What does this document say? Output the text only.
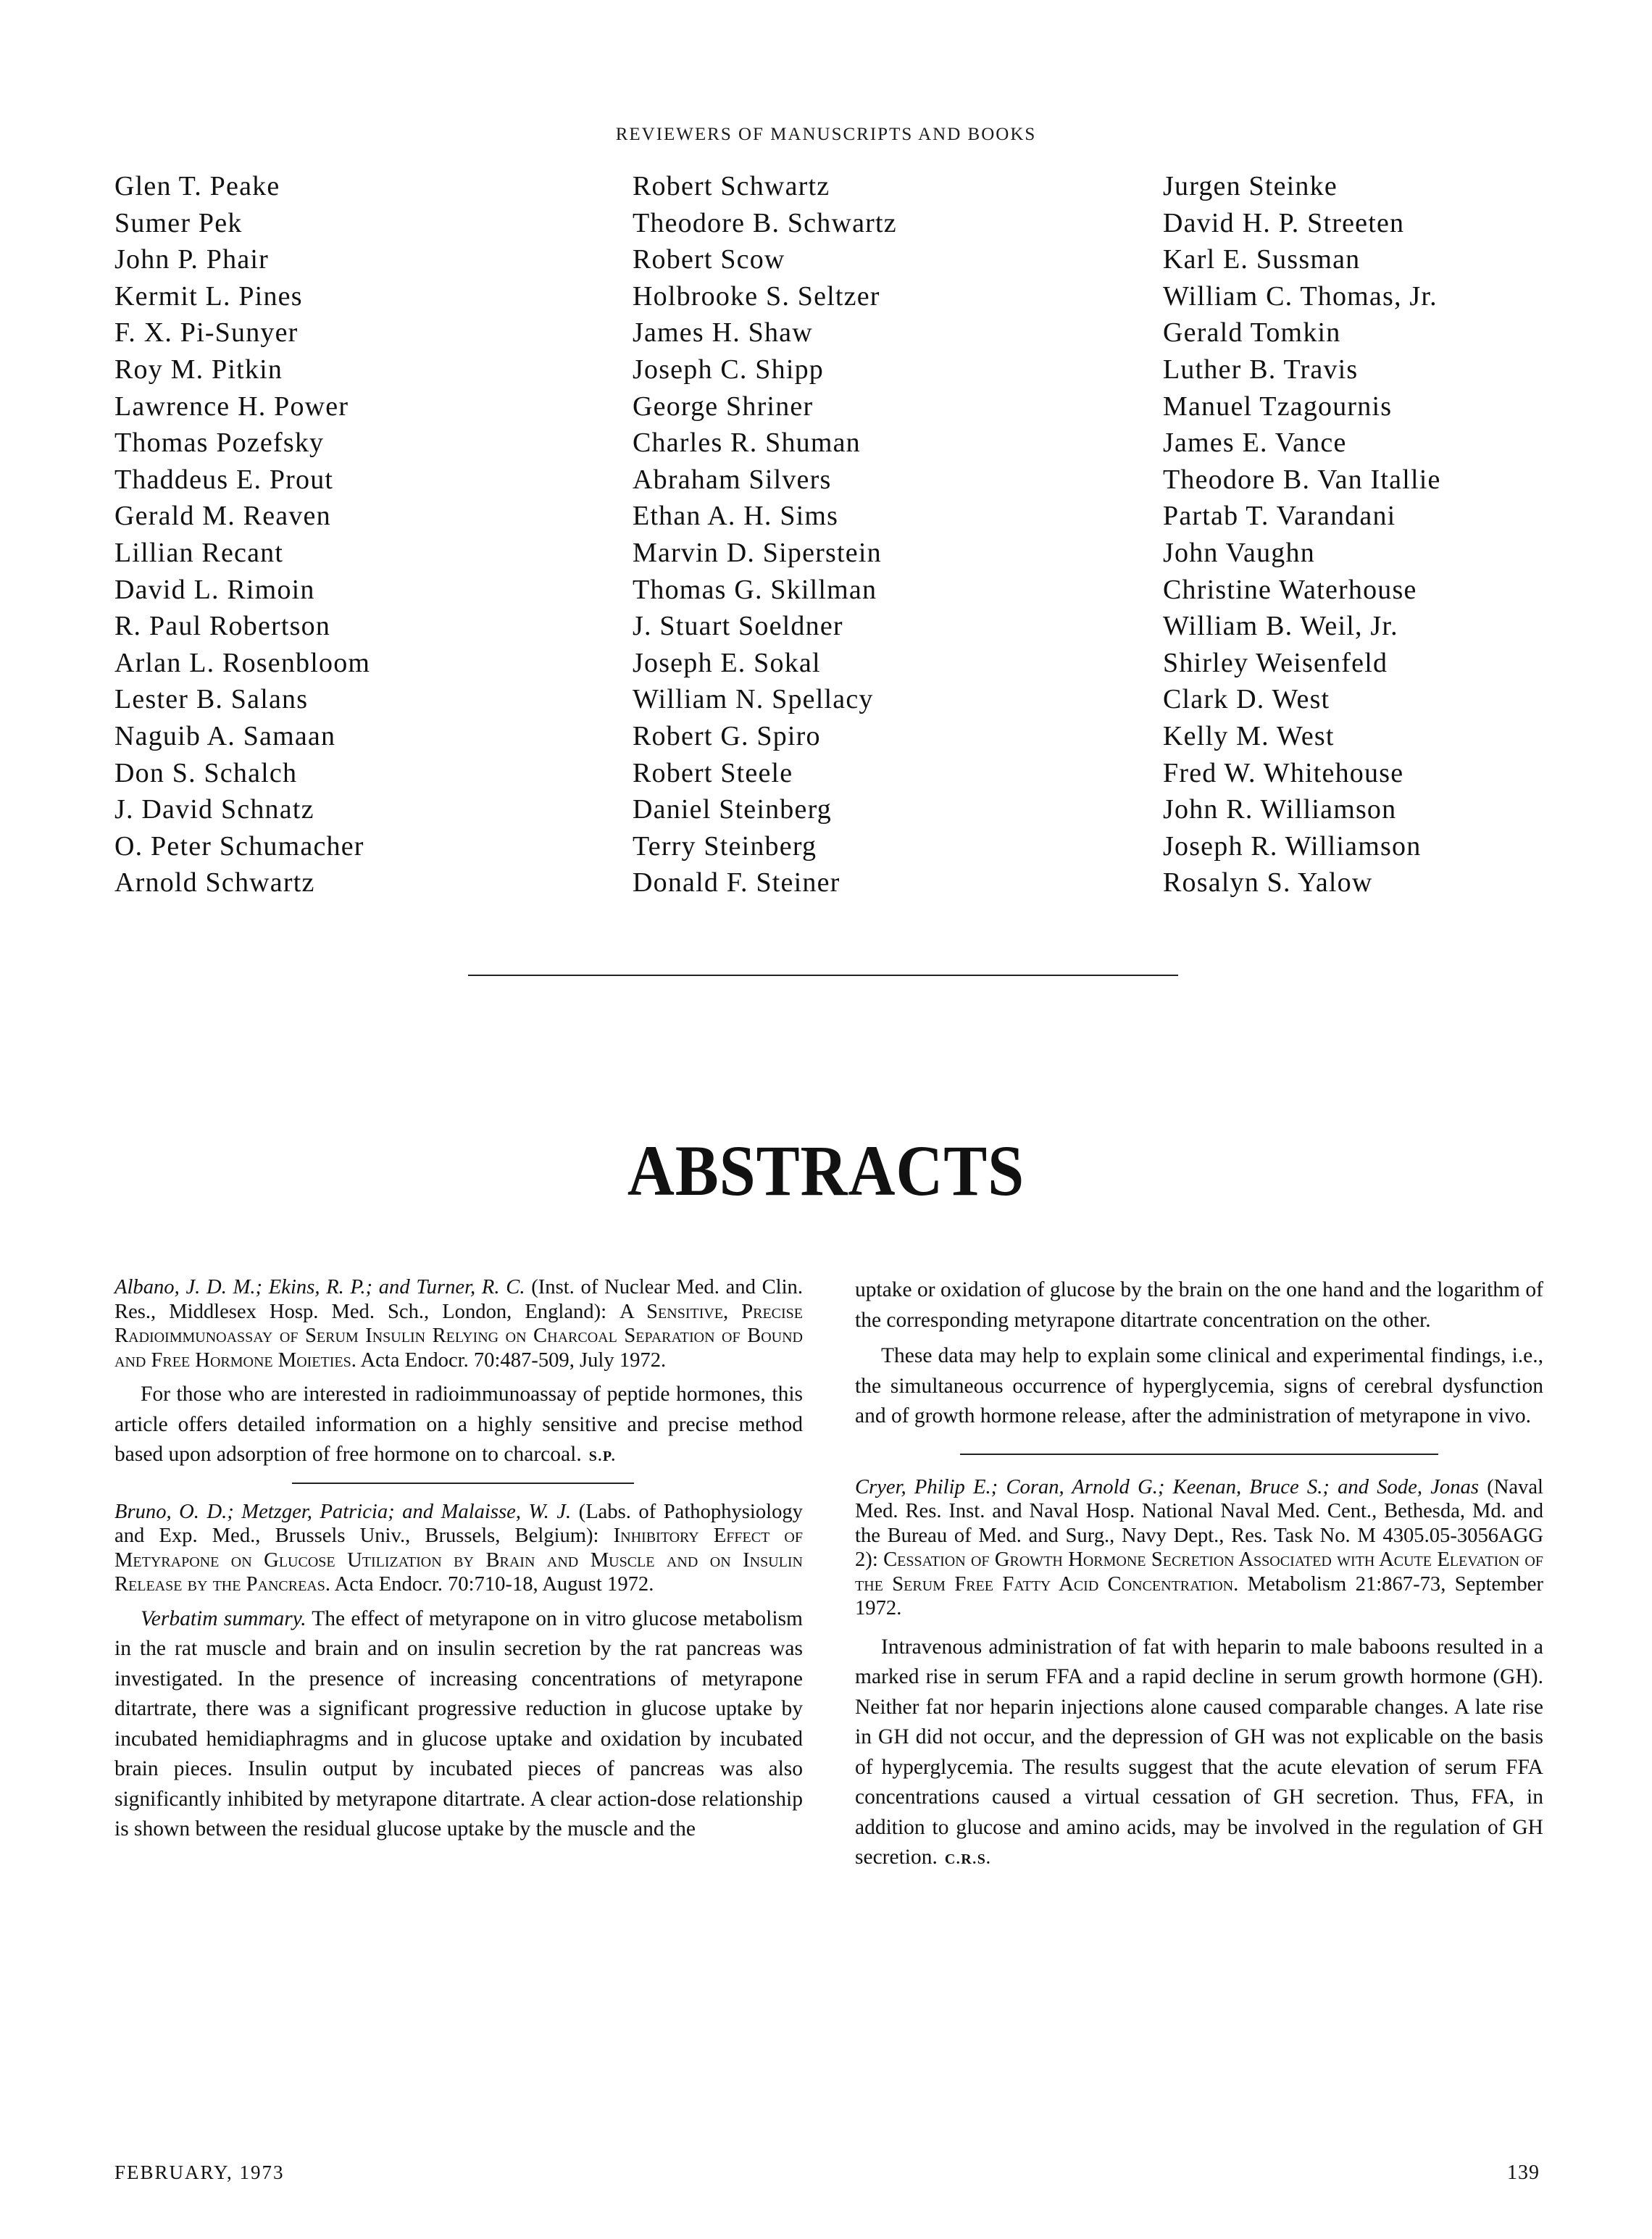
REVIEWERS OF MANUSCRIPTS AND BOOKS
Glen T. Peake
Sumer Pek
John P. Phair
Kermit L. Pines
F. X. Pi-Sunyer
Roy M. Pitkin
Lawrence H. Power
Thomas Pozefsky
Thaddeus E. Prout
Gerald M. Reaven
Lillian Recant
David L. Rimoin
R. Paul Robertson
Arlan L. Rosenbloom
Lester B. Salans
Naguib A. Samaan
Don S. Schalch
J. David Schnatz
O. Peter Schumacher
Arnold Schwartz
Robert Schwartz
Theodore B. Schwartz
Robert Scow
Holbrooke S. Seltzer
James H. Shaw
Joseph C. Shipp
George Shriner
Charles R. Shuman
Abraham Silvers
Ethan A. H. Sims
Marvin D. Siperstein
Thomas G. Skillman
J. Stuart Soeldner
Joseph E. Sokal
William N. Spellacy
Robert G. Spiro
Robert Steele
Daniel Steinberg
Terry Steinberg
Donald F. Steiner
Jurgen Steinke
David H. P. Streeten
Karl E. Sussman
William C. Thomas, Jr.
Gerald Tomkin
Luther B. Travis
Manuel Tzagournis
James E. Vance
Theodore B. Van Itallie
Partab T. Varandani
John Vaughn
Christine Waterhouse
William B. Weil, Jr.
Shirley Weisenfeld
Clark D. West
Kelly M. West
Fred W. Whitehouse
John R. Williamson
Joseph R. Williamson
Rosalyn S. Yalow
ABSTRACTS

Albano, J. D. M.; Ekins, R. P.; and Turner, R. C. (Inst. of Nuclear Med. and Clin. Res., Middlesex Hosp. Med. Sch., London, England): A Sensitive, Precise Radioimmunoassay of Serum Insulin Relying on Charcoal Separation of Bound and Free Hormone Moieties. Acta Endocr. 70:487-509, July 1972.

For those who are interested in radioimmunoassay of peptide hormones, this article offers detailed information on a highly sensitive and precise method based upon adsorption of free hormone on to charcoal. S.P.

Bruno, O. D.; Metzger, Patricia; and Malaisse, W. J. (Labs. of Pathophysiology and Exp. Med., Brussels Univ., Brussels, Belgium): Inhibitory Effect of Metyrapone on Glucose Utilization by Brain and Muscle and on Insulin Release by the Pancreas. Acta Endocr. 70:710-18, August 1972.

Verbatim summary. The effect of metyrapone on in vitro glucose metabolism in the rat muscle and brain and on insulin secretion by the rat pancreas was investigated. In the presence of increasing concentrations of metyrapone ditartrate, there was a significant progressive reduction in glucose uptake by incubated hemidiaphragms and in glucose uptake and oxidation by incubated brain pieces. Insulin output by incubated pieces of pancreas was also significantly inhibited by metyrapone ditartrate. A clear action-dose relationship is shown between the residual glucose uptake by the muscle and the

uptake or oxidation of glucose by the brain on the one hand and the logarithm of the corresponding metyrapone ditartrate concentration on the other.

These data may help to explain some clinical and experimental findings, i.e., the simultaneous occurrence of hyperglycemia, signs of cerebral dysfunction and of growth hormone release, after the administration of metyrapone in vivo.

Cryer, Philip E.; Coran, Arnold G.; Keenan, Bruce S.; and Sode, Jonas (Naval Med. Res. Inst. and Naval Hosp. National Naval Med. Cent., Bethesda, Md. and the Bureau of Med. and Surg., Navy Dept., Res. Task No. M 4305.05-3056AGG 2): Cessation of Growth Hormone Secretion Associated with Acute Elevation of the Serum Free Fatty Acid Concentration. Metabolism 21:867-73, September 1972.

Intravenous administration of fat with heparin to male baboons resulted in a marked rise in serum FFA and a rapid decline in serum growth hormone (GH). Neither fat nor heparin injections alone caused comparable changes. A late rise in GH did not occur, and the depression of GH was not explicable on the basis of hyperglycemia. The results suggest that the acute elevation of serum FFA concentrations caused a virtual cessation of GH secretion. Thus, FFA, in addition to glucose and amino acids, may be involved in the regulation of GH secretion. C.R.S.

FEBRUARY, 1973	139
